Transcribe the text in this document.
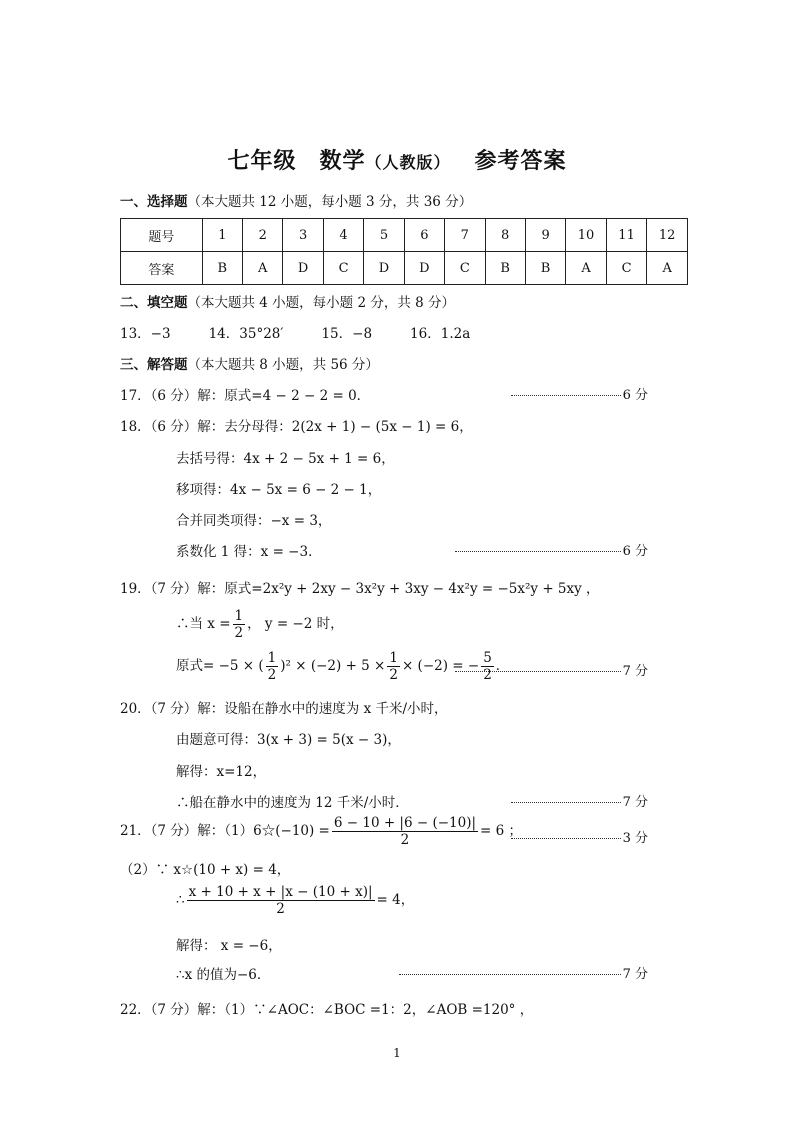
七年级　数学（人教版） 参考答案
一、选择题（本大题共 12 小题，每小题 3 分，共 36 分）
题号	1	2	3	4	5	6	7	8	9	10	11	12
答案	B	A	D	C	D	D	C	B	B	A	C	A
二、填空题（本大题共 4 小题，每小题 2 分，共 8 分）
13．−3	14．35°28′	15．−8	16．1.2a
三、解答题（本大题共 8 小题，共 56 分）
17．（6 分）解：原式=4 − 2 − 2 = 0．	6 分
18．（6 分）解：去分母得：2(2x + 1) − (5x − 1) = 6，
去括号得：4x + 2 − 5x + 1 = 6，
移项得：4x − 5x = 6 − 2 − 1，
合并同类项得：−x = 3，
系数化 1 得：x = −3．	6 分
19．（7 分）解：原式=2x²y + 2xy − 3x²y + 3xy − 4x²y = −5x²y + 5xy ，
∴当 $x = \frac{1}{2}$ ， y = −2 时，
原式= −5 × ( $\frac{1}{2} )^2 \times (-2) + 5 \times \frac{1}{2} \times (-2)$ = − $\frac{5}{2}$ ．	7 分
20．（7 分）解：设船在静水中的速度为 x 千米/小时，
由题意可得：3(x + 3) = 5(x − 3)，
解得：x=12，
∴船在静水中的速度为 12 千米/小时．	7 分
21．（7 分）解：（1）6☆(−10) = $\frac{6 - 10 + |6 - (-10)|}{2} = 6$ ；	3 分
（2）∵ x☆(10 + x) = 4，
∴ $\frac{x + 10 + x + |x - (10 + x)|}{2} = 4$，
解得： x = −6，
∴x 的值为−6．	7 分
22．（7 分）解：（1）∵∠AOC：∠BOC =1：2，∠AOB =120° ，
1
